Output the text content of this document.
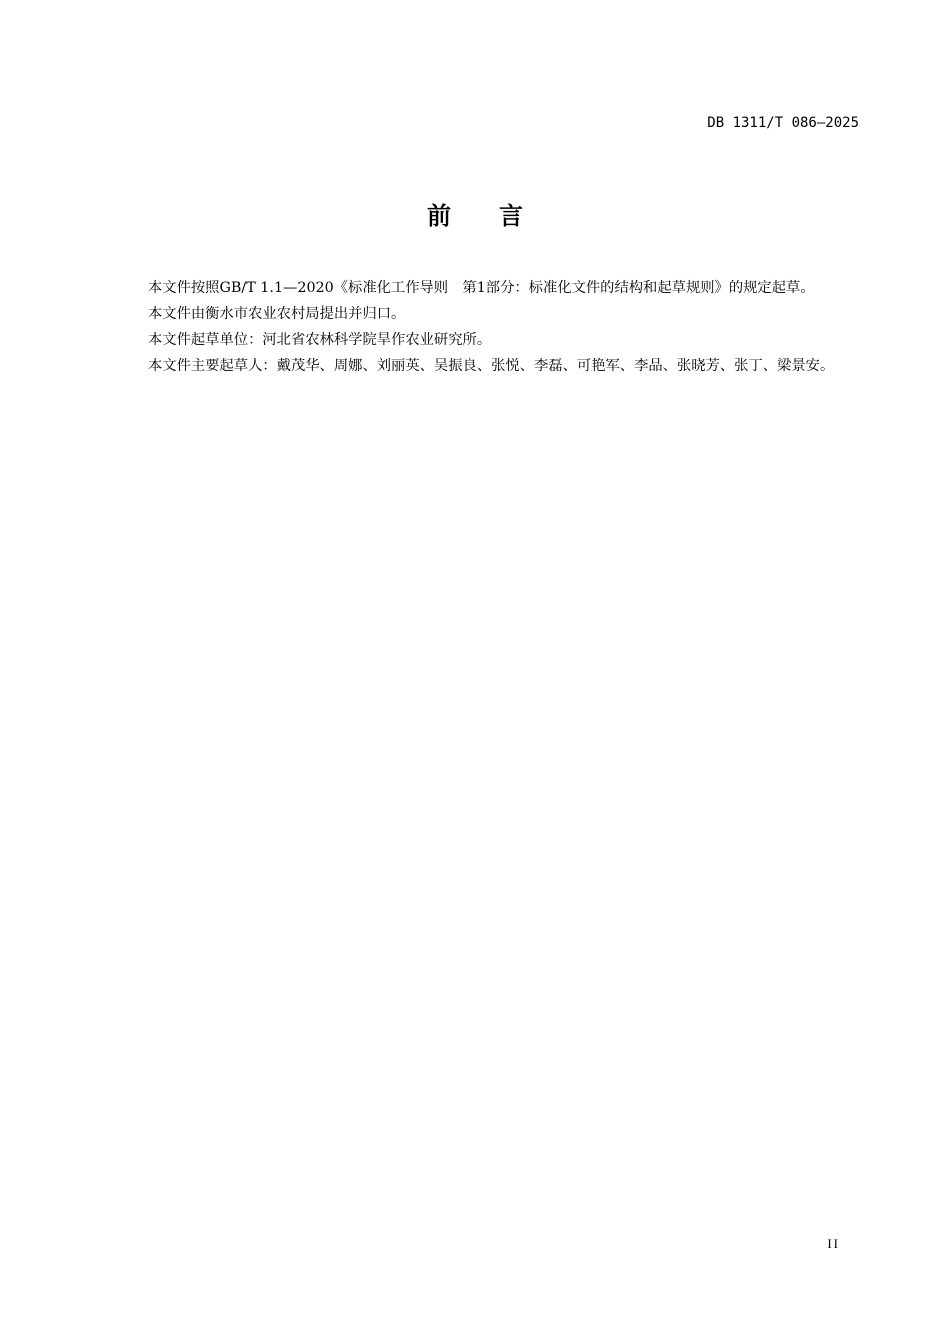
DB 1311/T 086—2025
前 言

本文件按照GB/T 1.1—2020《标准化工作导则　第1部分：标准化文件的结构和起草规则》的规定起草。

本文件由衡水市农业农村局提出并归口。

本文件起草单位：河北省农林科学院旱作农业研究所。

本文件主要起草人：戴茂华、周娜、刘丽英、吴振良、张悦、李磊、可艳军、李品、张晓芳、张丁、梁景安。

II
